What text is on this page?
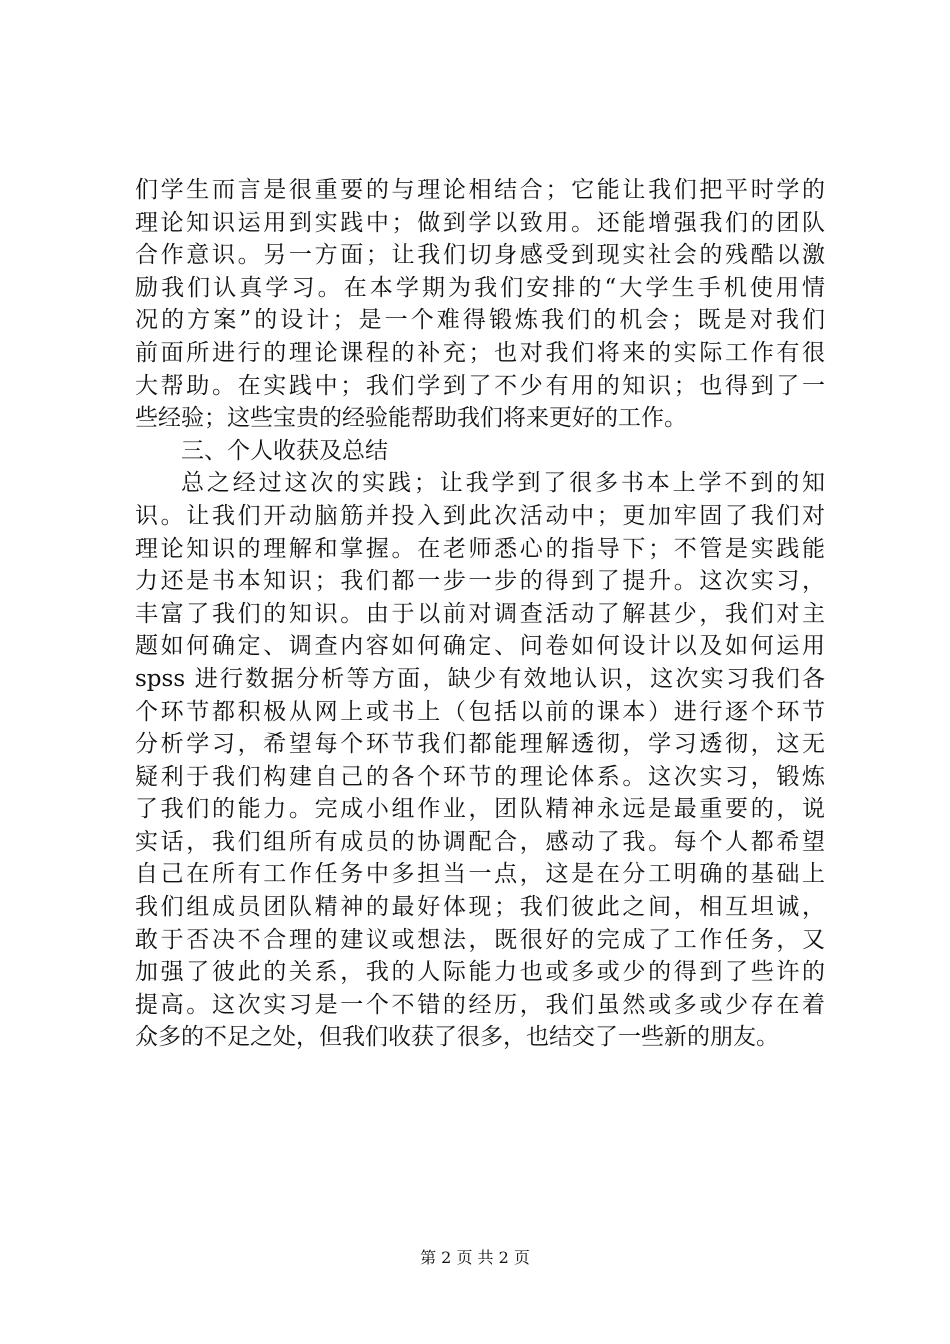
们学生而言是很重要的与理论相结合；它能让我们把平时学的
理论知识运用到实践中；做到学以致用。还能增强我们的团队
合作意识。另一方面；让我们切身感受到现实社会的残酷以激
励我们认真学习。在本学期为我们安排的“大学生手机使用情
况的方案”的设计；是一个难得锻炼我们的机会；既是对我们
前面所进行的理论课程的补充；也对我们将来的实际工作有很
大帮助。在实践中；我们学到了不少有用的知识；也得到了一
些经验；这些宝贵的经验能帮助我们将来更好的工作。
三、个人收获及总结
总之经过这次的实践；让我学到了很多书本上学不到的知
识。让我们开动脑筋并投入到此次活动中；更加牢固了我们对
理论知识的理解和掌握。在老师悉心的指导下；不管是实践能
力还是书本知识；我们都一步一步的得到了提升。这次实习，
丰富了我们的知识。由于以前对调查活动了解甚少，我们对主
题如何确定、调查内容如何确定、问卷如何设计以及如何运用
spss 进行数据分析等方面，缺少有效地认识，这次实习我们各
个环节都积极从网上或书上（包括以前的课本）进行逐个环节
分析学习，希望每个环节我们都能理解透彻，学习透彻，这无
疑利于我们构建自己的各个环节的理论体系。这次实习，锻炼
了我们的能力。完成小组作业，团队精神永远是最重要的，说
实话，我们组所有成员的协调配合，感动了我。每个人都希望
自己在所有工作任务中多担当一点，这是在分工明确的基础上
我们组成员团队精神的最好体现；我们彼此之间，相互坦诚，
敢于否决不合理的建议或想法，既很好的完成了工作任务，又
加强了彼此的关系，我的人际能力也或多或少的得到了些许的
提高。这次实习是一个不错的经历，我们虽然或多或少存在着
众多的不足之处，但我们收获了很多，也结交了一些新的朋友。
第 2 页 共 2 页
